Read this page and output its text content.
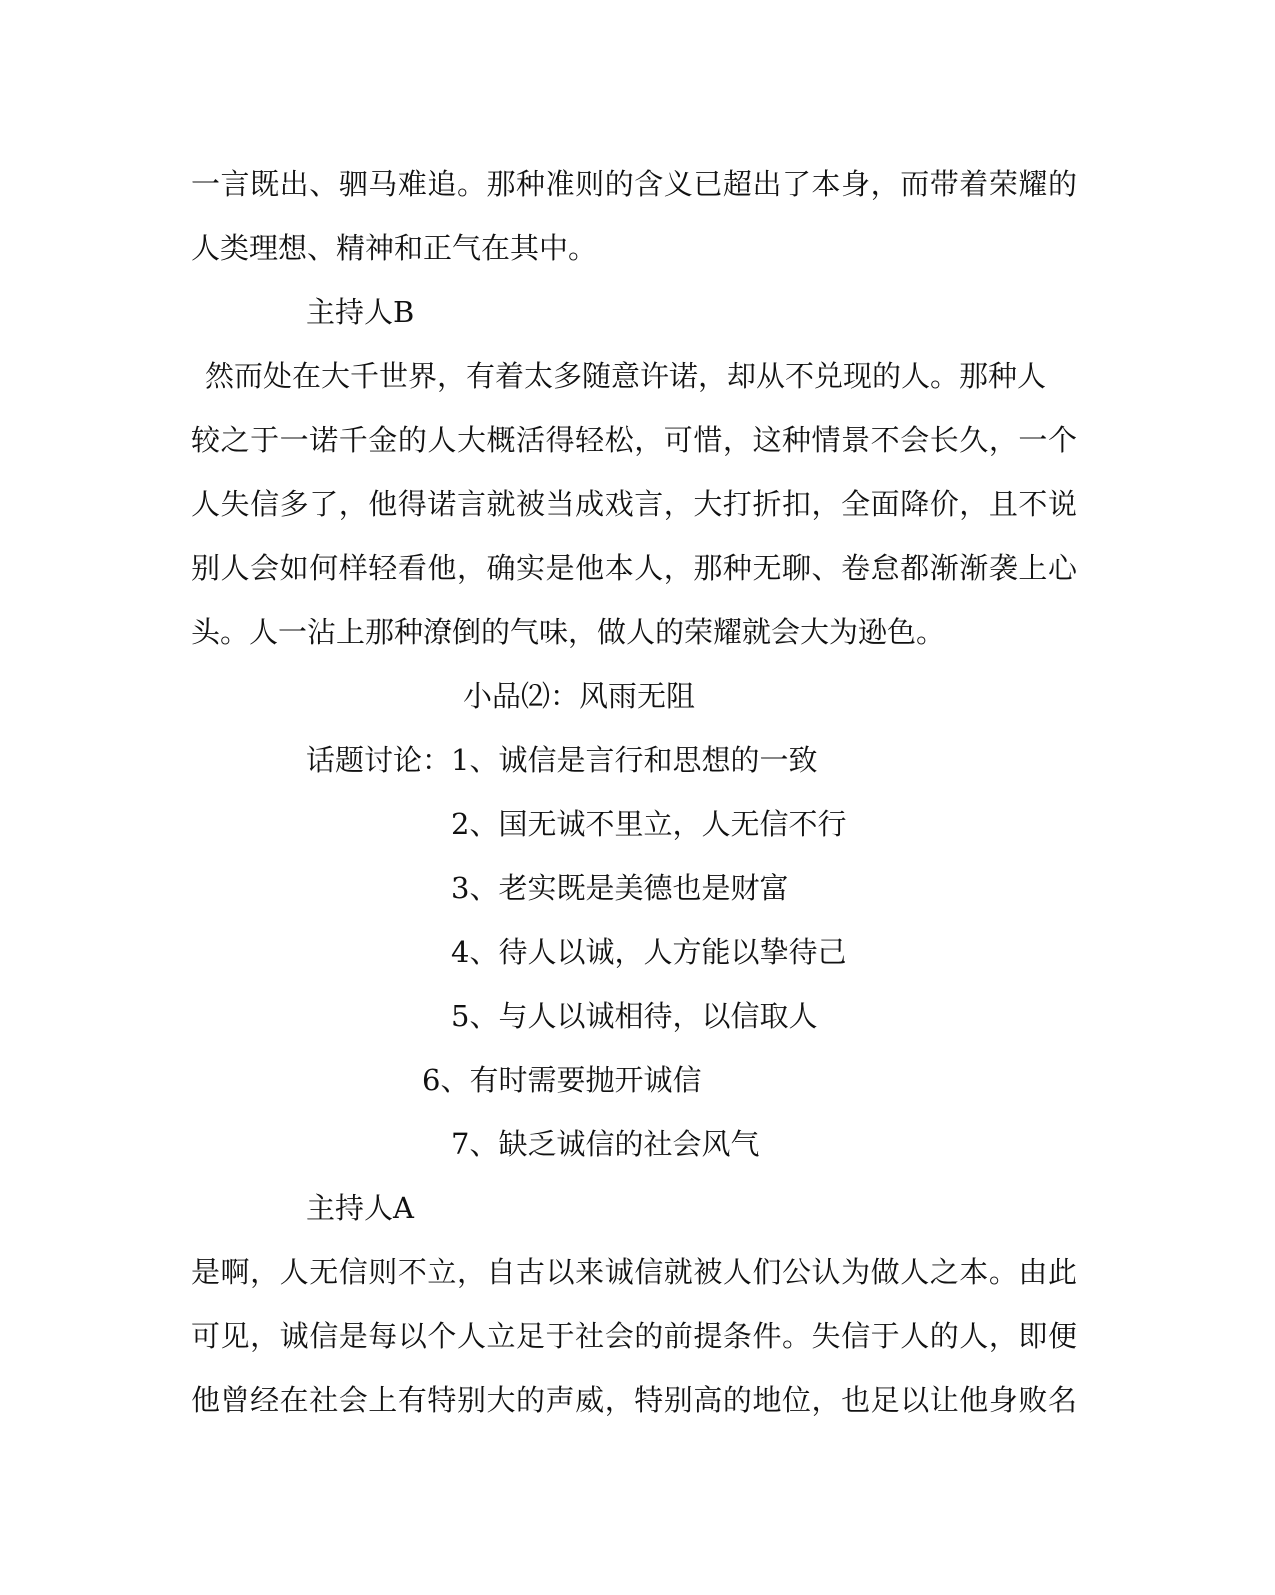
一言既出、驷马难追。那种准则的含义已超出了本身，而带着荣耀的
人类理想、精神和正气在其中。
主持人B
然而处在大千世界，有着太多随意许诺，却从不兑现的人。那种人
较之于一诺千金的人大概活得轻松，可惜，这种情景不会长久，一个
人失信多了，他得诺言就被当成戏言，大打折扣，全面降价，且不说
别人会如何样轻看他，确实是他本人，那种无聊、卷怠都渐渐袭上心
头。人一沾上那种潦倒的气味，做人的荣耀就会大为逊色。
小品⑵：风雨无阻
话题讨论： 1、诚信是言行和思想的一致
2、国无诚不里立，人无信不行
3、老实既是美德也是财富
4、待人以诚，人方能以挚待己
5、与人以诚相待，以信取人
6、有时需要抛开诚信
7、缺乏诚信的社会风气
主持人A
是啊，人无信则不立，自古以来诚信就被人们公认为做人之本。由此
可见，诚信是每以个人立足于社会的前提条件。失信于人的人，即便
他曾经在社会上有特别大的声威，特别高的地位，也足以让他身败名
